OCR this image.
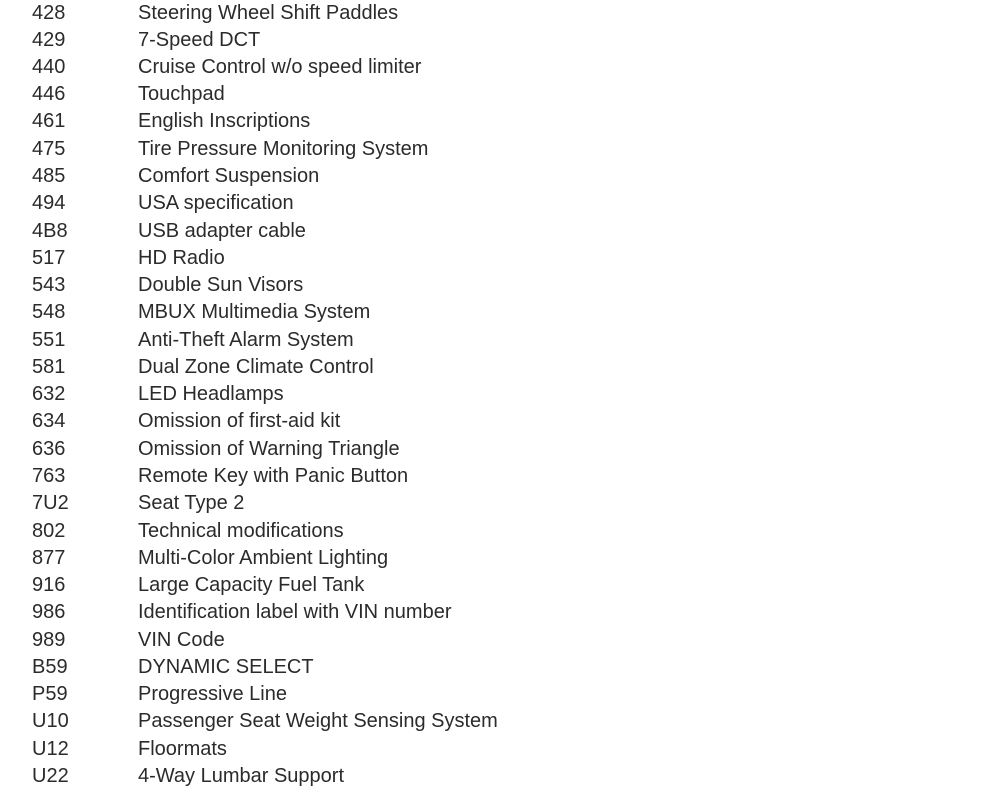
428	Steering Wheel Shift Paddles
429	7-Speed DCT
440	Cruise Control w/o speed limiter
446	Touchpad
461	English Inscriptions
475	Tire Pressure Monitoring System
485	Comfort Suspension
494	USA specification
4B8	USB adapter cable
517	HD Radio
543	Double Sun Visors
548	MBUX Multimedia System
551	Anti-Theft Alarm System
581	Dual Zone Climate Control
632	LED Headlamps
634	Omission of first-aid kit
636	Omission of Warning Triangle
763	Remote Key with Panic Button
7U2	Seat Type 2
802	Technical modifications
877	Multi-Color Ambient Lighting
916	Large Capacity Fuel Tank
986	Identification label with VIN number
989	VIN Code
B59	DYNAMIC SELECT
P59	Progressive Line
U10	Passenger Seat Weight Sensing System
U12	Floormats
U22	4-Way Lumbar Support
